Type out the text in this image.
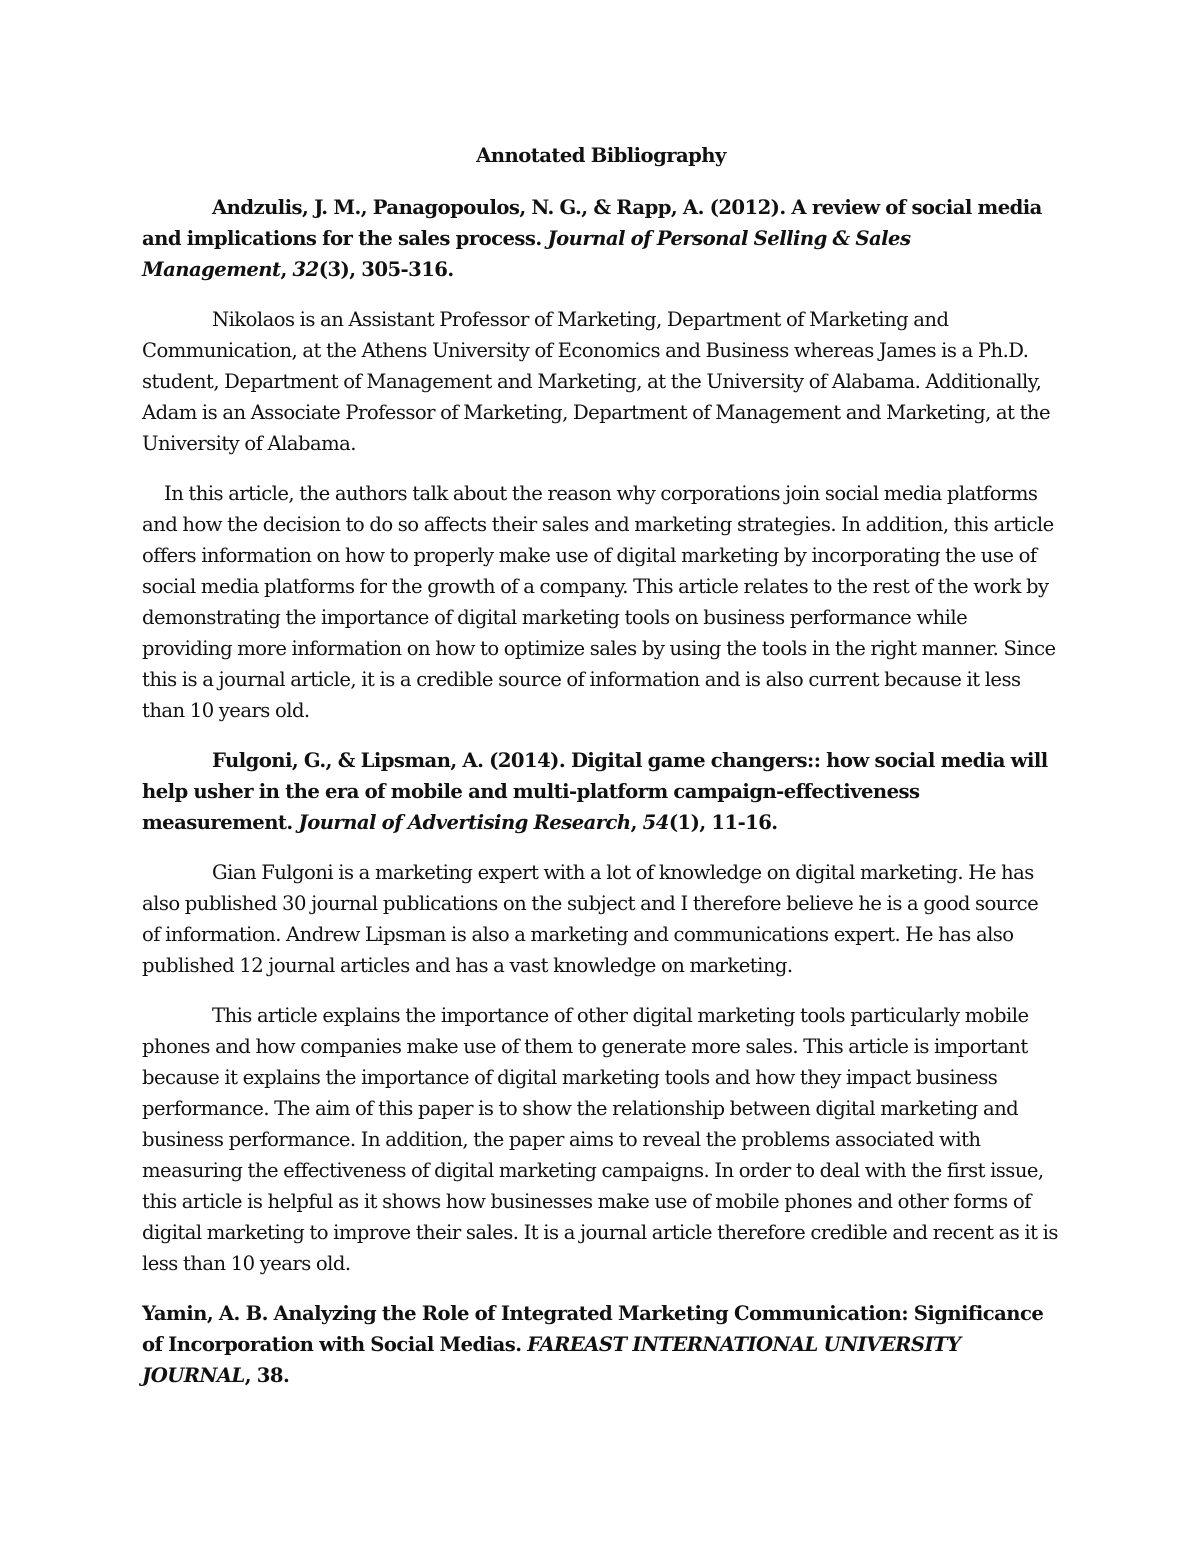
Annotated Bibliography

Andzulis, J. M., Panagopoulos, N. G., & Rapp, A. (2012). A review of social media and implications for the sales process. Journal of Personal Selling & Sales Management, 32(3), 305-316.

Nikolaos is an Assistant Professor of Marketing, Department of Marketing and Communication, at the Athens University of Economics and Business whereas James is a Ph.D. student, Department of Management and Marketing, at the University of Alabama. Additionally, Adam is an Associate Professor of Marketing, Department of Management and Marketing, at the University of Alabama.

In this article, the authors talk about the reason why corporations join social media platforms and how the decision to do so affects their sales and marketing strategies. In addition, this article offers information on how to properly make use of digital marketing by incorporating the use of social media platforms for the growth of a company. This article relates to the rest of the work by demonstrating the importance of digital marketing tools on business performance while providing more information on how to optimize sales by using the tools in the right manner. Since this is a journal article, it is a credible source of information and is also current because it less than 10 years old.

Fulgoni, G., & Lipsman, A. (2014). Digital game changers:: how social media will help usher in the era of mobile and multi-platform campaign-effectiveness measurement. Journal of Advertising Research, 54(1), 11-16.

Gian Fulgoni is a marketing expert with a lot of knowledge on digital marketing. He has also published 30 journal publications on the subject and I therefore believe he is a good source of information. Andrew Lipsman is also a marketing and communications expert. He has also published 12 journal articles and has a vast knowledge on marketing.

This article explains the importance of other digital marketing tools particularly mobile phones and how companies make use of them to generate more sales. This article is important because it explains the importance of digital marketing tools and how they impact business performance. The aim of this paper is to show the relationship between digital marketing and business performance. In addition, the paper aims to reveal the problems associated with measuring the effectiveness of digital marketing campaigns. In order to deal with the first issue, this article is helpful as it shows how businesses make use of mobile phones and other forms of digital marketing to improve their sales. It is a journal article therefore credible and recent as it is less than 10 years old.

Yamin, A. B. Analyzing the Role of Integrated Marketing Communication: Significance of Incorporation with Social Medias. FAREAST INTERNATIONAL UNIVERSITY JOURNAL, 38.
